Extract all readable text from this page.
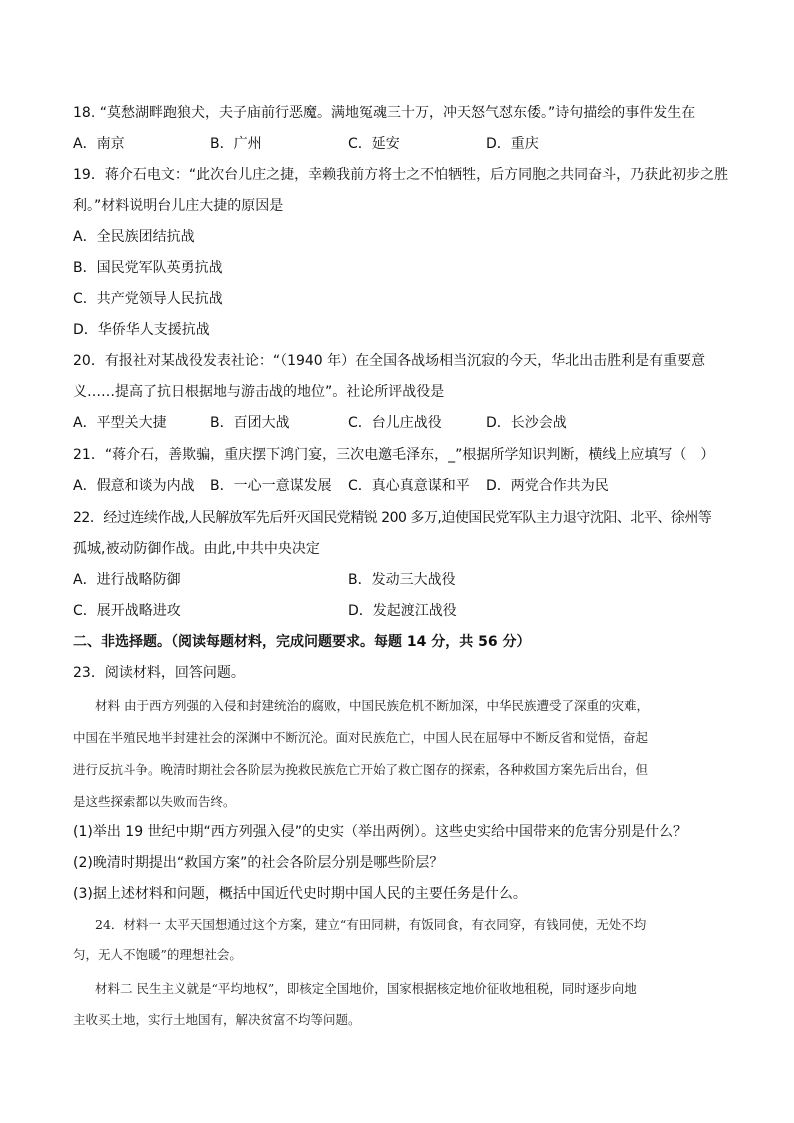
18. “莫愁湖畔跑狼犬，夫子庙前行恶魔。满地冤魂三十万，冲天怒气怼东倭。”诗句描绘的事件发生在
A．南京	B．广州	C．延安	D．重庆
19．蒋介石电文：“此次台儿庄之捷，幸赖我前方将士之不怕牺牲，后方同胞之共同奋斗，乃获此初步之胜
利。”材料说明台儿庄大捷的原因是
A．全民族团结抗战
B．国民党军队英勇抗战
C．共产党领导人民抗战
D．华侨华人支援抗战
20．有报社对某战役发表社论：“（1940 年）在全国各战场相当沉寂的今天，华北出击胜利是有重要意
义……提高了抗日根据地与游击战的地位”。社论所评战役是
A．平型关大捷	B．百团大战	C．台儿庄战役	D．长沙会战
21．“蒋介石，善欺骗，重庆摆下鸿门宴，三次电邀毛泽东，_”根据所学知识判断，横线上应填写（　）
A．假意和谈为内战 B．一心一意谋发展 C．真心真意谋和平 D．两党合作共为民
22．经过连续作战,人民解放军先后歼灭国民党精锐 200 多万,迫使国民党军队主力退守沈阳、北平、徐州等
孤城,被动防御作战。由此,中共中央决定
A．进行战略防御	B．发动三大战役
C．展开战略进攻	D．发起渡江战役
二、非选择题。（阅读每题材料，完成问题要求。每题 14 分，共 56 分）
23．阅读材料，回答问题。
材料 由于西方列强的入侵和封建统治的腐败，中国民族危机不断加深，中华民族遭受了深重的灾难，
中国在半殖民地半封建社会的深渊中不断沉沦。面对民族危亡，中国人民在屈辱中不断反省和觉悟，奋起
进行反抗斗争。晚清时期社会各阶层为挽救民族危亡开始了救亡图存的探索，各种救国方案先后出台，但
是这些探索都以失败而告终。
(1)举出 19 世纪中期“西方列强入侵”的史实（举出两例）。这些史实给中国带来的危害分别是什么？
(2)晚清时期提出“救国方案”的社会各阶层分别是哪些阶层？
(3)据上述材料和问题，概括中国近代史时期中国人民的主要任务是什么。
24．材料一 太平天国想通过这个方案，建立“有田同耕，有饭同食，有衣同穿，有钱同使，无处不均
匀，无人不饱暖”的理想社会。
材料二 民生主义就是“平均地权”，即核定全国地价，国家根据核定地价征收地租税，同时逐步向地
主收买土地，实行土地国有，解决贫富不均等问题。
